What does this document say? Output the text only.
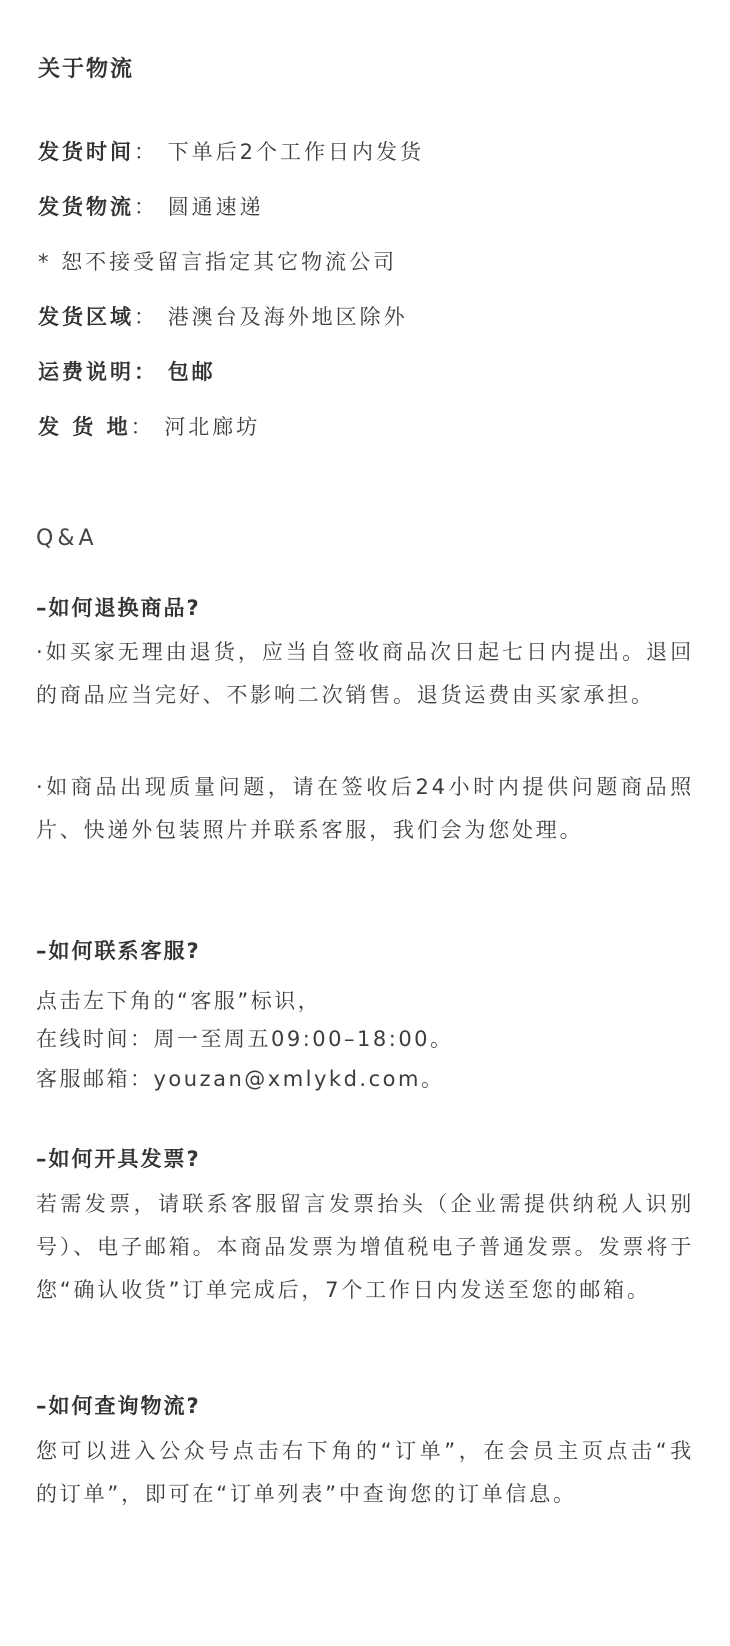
关于物流
发货时间： 下单后2个工作日内发货
发货物流： 圆通速递
* 恕不接受留言指定其它物流公司
发货区域： 港澳台及海外地区除外
运费说明： 包邮
发 货 地： 河北廊坊
Q&A
–如何退换商品?
·如买家无理由退货，应当自签收商品次日起七日内提出。退回的商品应当完好、不影响二次销售。退货运费由买家承担。
·如商品出现质量问题，请在签收后24小时内提供问题商品照片、快递外包装照片并联系客服，我们会为您处理。
–如何联系客服?
点击左下角的“客服”标识，
在线时间：周一至周五09:00–18:00。
客服邮箱：youzan@xmlykd.com。
–如何开具发票?
若需发票，请联系客服留言发票抬头（企业需提供纳税人识别号）、电子邮箱。本商品发票为增值税电子普通发票。发票将于您“确认收货”订单完成后，7个工作日内发送至您的邮箱。
–如何查询物流?
您可以进入公众号点击右下角的“订单”，在会员主页点击“我的订单”，即可在“订单列表”中查询您的订单信息。
